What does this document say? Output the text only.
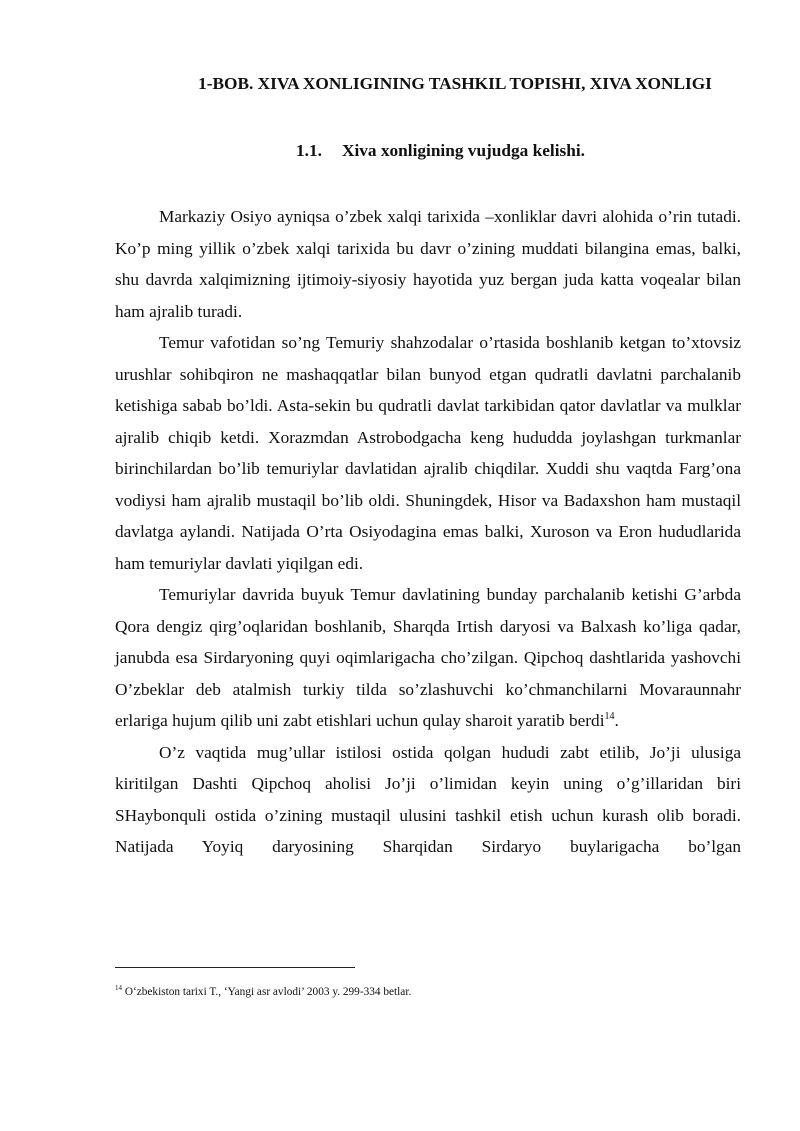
1-BOB. XIVA XONLIGINING TASHKIL TOPISHI, XIVA XONLIGI
1.1. Xiva xonligining vujudga kelishi.

Markaziy Osiyo ayniqsa o’zbek xalqi tarixida –xonliklar davri alohida o’rin tutadi. Ko’p ming yillik o’zbek xalqi tarixida bu davr o’zining muddati bilangina emas, balki, shu davrda xalqimizning ijtimoiy-siyosiy hayotida yuz bergan juda katta voqealar bilan ham ajralib turadi.

Temur vafotidan so’ng Temuriy shahzodalar o’rtasida boshlanib ketgan to’xtovsiz urushlar sohibqiron ne mashaqqatlar bilan bunyod etgan qudratli davlatni parchalanib ketishiga sabab bo’ldi. Asta-sekin bu qudratli davlat tarkibidan qator davlatlar va mulklar ajralib chiqib ketdi. Xorazmdan Astrobodgacha keng hududda joylashgan turkmanlar birinchilardan bo’lib temuriylar davlatidan ajralib chiqdilar. Xuddi shu vaqtda Farg’ona vodiysi ham ajralib mustaqil bo’lib oldi. Shuningdek, Hisor va Badaxshon ham mustaqil davlatga aylandi. Natijada O’rta Osiyodagina emas balki, Xuroson va Eron hududlarida ham temuriylar davlati yiqilgan edi.

Temuriylar davrida buyuk Temur davlatining bunday parchalanib ketishi G’arbda Qora dengiz qirg’oqlaridan boshlanib, Sharqda Irtish daryosi va Balxash ko’liga qadar, janubda esa Sirdaryoning quyi oqimlarigacha cho’zilgan. Qipchoq dashtlarida yashovchi O’zbeklar deb atalmish turkiy tilda so’zlashuvchi ko’chmanchilarni Movaraunnahr erlariga hujum qilib uni zabt etishlari uchun qulay sharoit yaratib berdi$^{14}$.

O’z vaqtida mug’ullar istilosi ostida qolgan hududi zabt etilib, Jo’ji ulusiga kiritilgan Dashti Qipchoq aholisi Jo’ji o’limidan keyin uning o’g’illaridan biri SHaybonquli ostida o’zining mustaqil ulusini tashkil etish uchun kurash olib boradi. Natijada Yoyiq daryosining Sharqidan Sirdaryo buylarigacha bo’lgan

$^{14}$ O‘zbekiston tarixi T., ‘Yangi asr avlodi’ 2003 y. 299-334 betlar.
